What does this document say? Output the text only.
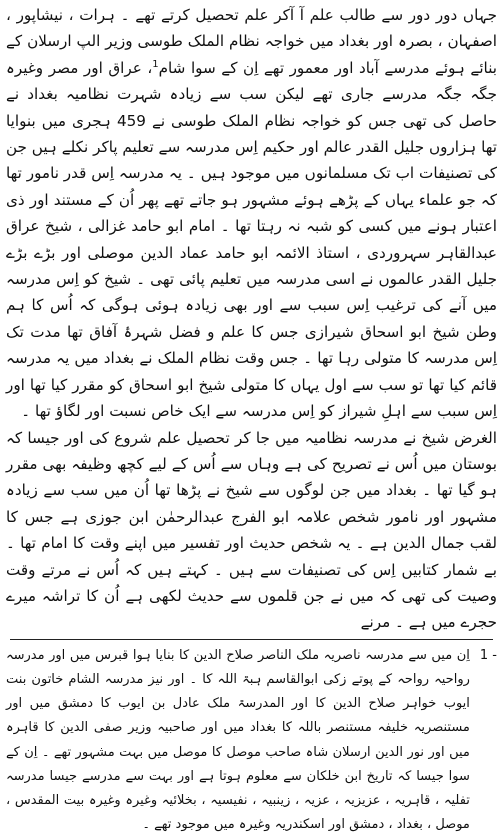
جہاں دور دور سے طالب علم آ آکر علم تحصیل کرتے تھے ۔ ہرات ، نیشاپور ، اصفہان ، بصرہ اور بغداد میں خواجہ نظام الملک طوسی وزیر الپ ارسلان کے بنائے ہوئے مدرسے آباد اور معمور تھے اِن کے سوا شام$^1$، عراق اور مصر وغیرہ جگہ جگہ مدرسے جاری تھے لیکن سب سے زیادہ شہرت نظامیہ بغداد نے حاصل کی تھی جس کو خواجہ نظام الملک طوسی نے 459 ہجری میں بنوایا تھا ہزاروں جلیل القدر عالم اور حکیم اِس مدرسہ سے تعلیم پاکر نکلے ہیں جن کی تصنیفات اب تک مسلمانوں میں موجود ہیں ۔ یہ مدرسہ اِس قدر نامور تھا کہ جو علماء یہاں کے پڑھے ہوئے مشہور ہو جاتے تھے پھر اُن کے مستند اور ذی اعتبار ہونے میں کسی کو شبہ نہ رہتا تھا ۔ امام ابو حامد غزالی ، شیخ عراق عبدالقاہر سہروردی ، استاذ الائمہ ابو حامد عماد الدین موصلی اور بڑے بڑے جلیل القدر عالموں نے اسی مدرسہ میں تعلیم پائی تھی ۔ شیخ کو اِس مدرسہ میں آنے کی ترغیب اِس سبب سے اور بھی زیادہ ہوئی ہوگی کہ اُس کا ہم وطن شیخ ابو اسحاق شیرازی جس کا علم و فضل شہرۂ آفاق تھا مدت تک اِس مدرسہ کا متولی رہا تھا ۔ جس وقت نظام الملک نے بغداد میں یہ مدرسہ قائم کیا تھا تو سب سے اول یہاں کا متولی شیخ ابو اسحاق کو مقرر کیا تھا اور اِس سبب سے اہلِ شیراز کو اِس مدرسہ سے ایک خاص نسبت اور لگاؤ تھا ۔

الغرض شیخ نے مدرسہ نظامیہ میں جا کر تحصیل علم شروع کی اور جیسا کہ بوستان میں اُس نے تصریح کی ہے وہاں سے اُس کے لیے کچھ وظیفہ بھی مقرر ہو گیا تھا ۔ بغداد میں جن لوگوں سے شیخ نے پڑھا تھا اُن میں سب سے زیادہ مشہور اور نامور شخص علامہ ابو الفرج عبدالرحمٰن ابن جوزی ہے جس کا لقب جمال الدین ہے ۔ یہ شخص حدیث اور تفسیر میں اپنے وقت کا امام تھا ۔ بے شمار کتابیں اِس کی تصنیفات سے ہیں ۔ کہتے ہیں کہ اُس نے مرتے وقت وصیت کی تھی کہ میں نے جن قلموں سے حدیث لکھی ہے اُن کا تراشہ میرے حجرے میں ہے ۔ مرنے

1 -

اِن میں سے مدرسہ ناصریہ ملک الناصر صلاح الدین کا بنایا ہوا قبرس میں اور مدرسہ رواحیہ رواحہ کے پوتے زکی ابوالقاسم ہبۃ اللہ کا ۔ اور نیز مدرسہ الشام خاتون بنت ایوب خواہر صلاح الدین کا اور المدرسۃ ملک عادل بن ایوب کا دمشق میں اور مستنصریہ خلیفہ مستنصر باللہ کا بغداد میں اور صاحبیہ وزیر صفی الدین کا قاہرہ میں اور نور الدین ارسلان شاہ صاحب موصل کا موصل میں بہت مشہور تھے ۔ اِن کے سوا جیسا کہ تاریخ ابن خلکان سے معلوم ہوتا ہے اور بہت سے مدرسے جیسا مدرسہ تفلیہ ، قاہریہ ، عزیزیہ ، عزیہ ، زینبیہ ، نفیسیہ ، بخلائیہ وغیرہ وغیرہ بیت المقدس ، موصل ، بغداد ، دمشق اور اسکندریہ وغیرہ میں موجود تھے ۔
